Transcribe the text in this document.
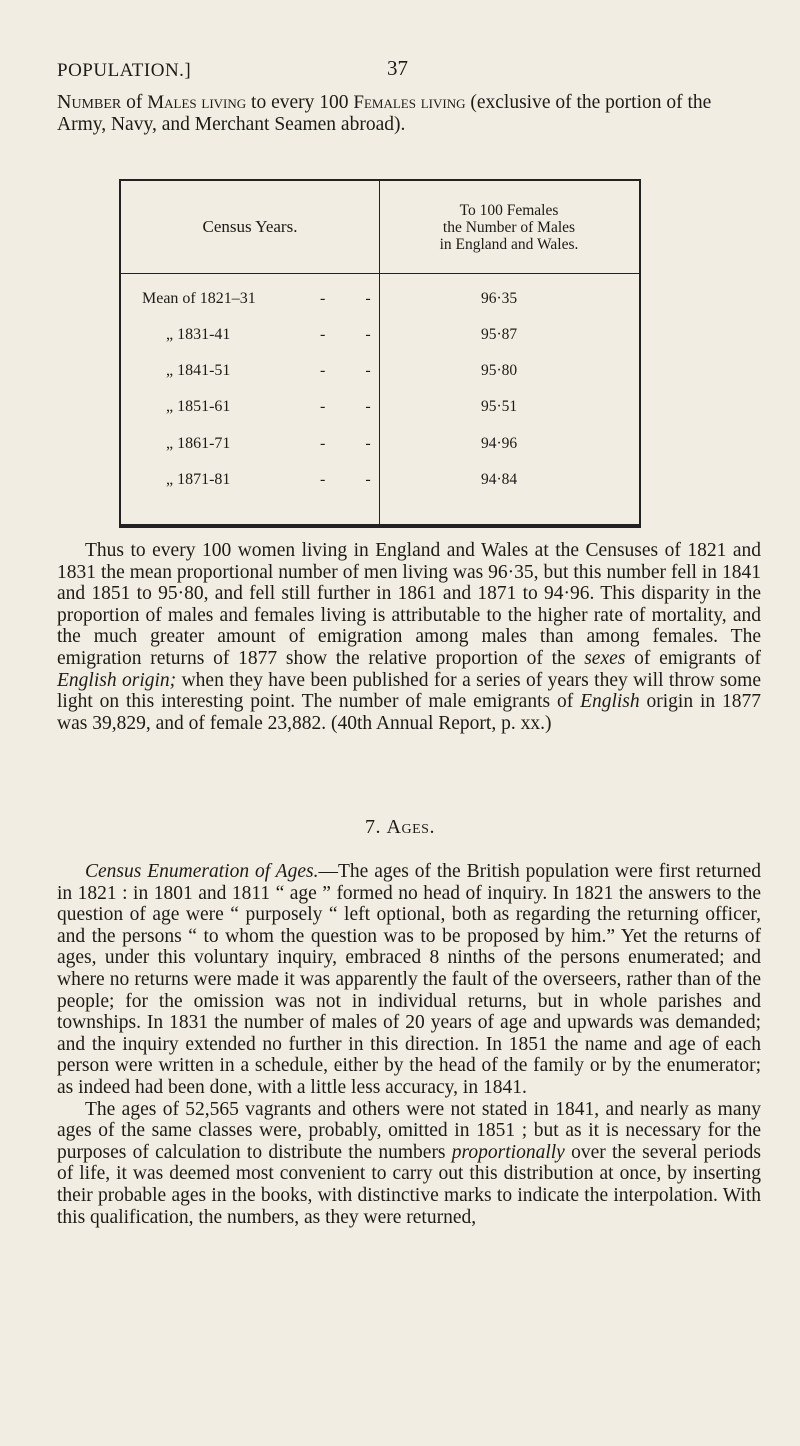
POPULATION.]	37
Number of Males living to every 100 Females living (exclusive of the portion of the Army, Navy, and Merchant Seamen abroad).
Census Years.
To 100 Females
the Number of Males
in England and Wales.
Mean of 1821–31	- -	96·35
„ 1831-41	- -	95·87
„ 1841-51	- -	95·80
„ 1851-61	- -	95·51
„ 1861-71	- -	94·96
„ 1871-81	- -	94·84

Thus to every 100 women living in England and Wales at the Censuses of 1821 and 1831 the mean proportional number of men living was 96·35, but this number fell in 1841 and 1851 to 95·80, and fell still further in 1861 and 1871 to 94·96. This disparity in the proportion of males and females living is attributable to the higher rate of mortality, and the much greater amount of emigration among males than among females. The emigration returns of 1877 show the relative proportion of the sexes of emigrants of English origin; when they have been published for a series of years they will throw some light on this interesting point. The number of male emigrants of English origin in 1877 was 39,829, and of female 23,882. (40th Annual Report, p. xx.)

7. Ages.

Census Enumeration of Ages.—The ages of the British population were first returned in 1821 : in 1801 and 1811 “ age ” formed no head of inquiry. In 1821 the answers to the question of age were “ purposely “ left optional, both as regarding the returning officer, and the persons “ to whom the question was to be proposed by him.” Yet the returns of ages, under this voluntary inquiry, embraced 8 ninths of the persons enumerated; and where no returns were made it was apparently the fault of the overseers, rather than of the people; for the omission was not in individual returns, but in whole parishes and townships. In 1831 the number of males of 20 years of age and upwards was demanded; and the inquiry extended no further in this direction. In 1851 the name and age of each person were written in a schedule, either by the head of the family or by the enumerator; as indeed had been done, with a little less accuracy, in 1841.

The ages of 52,565 vagrants and others were not stated in 1841, and nearly as many ages of the same classes were, probably, omitted in 1851 ; but as it is necessary for the purposes of calculation to distribute the numbers proportionally over the several periods of life, it was deemed most convenient to carry out this distribution at once, by inserting their probable ages in the books, with distinctive marks to indicate the interpolation. With this qualification, the numbers, as they were returned,
